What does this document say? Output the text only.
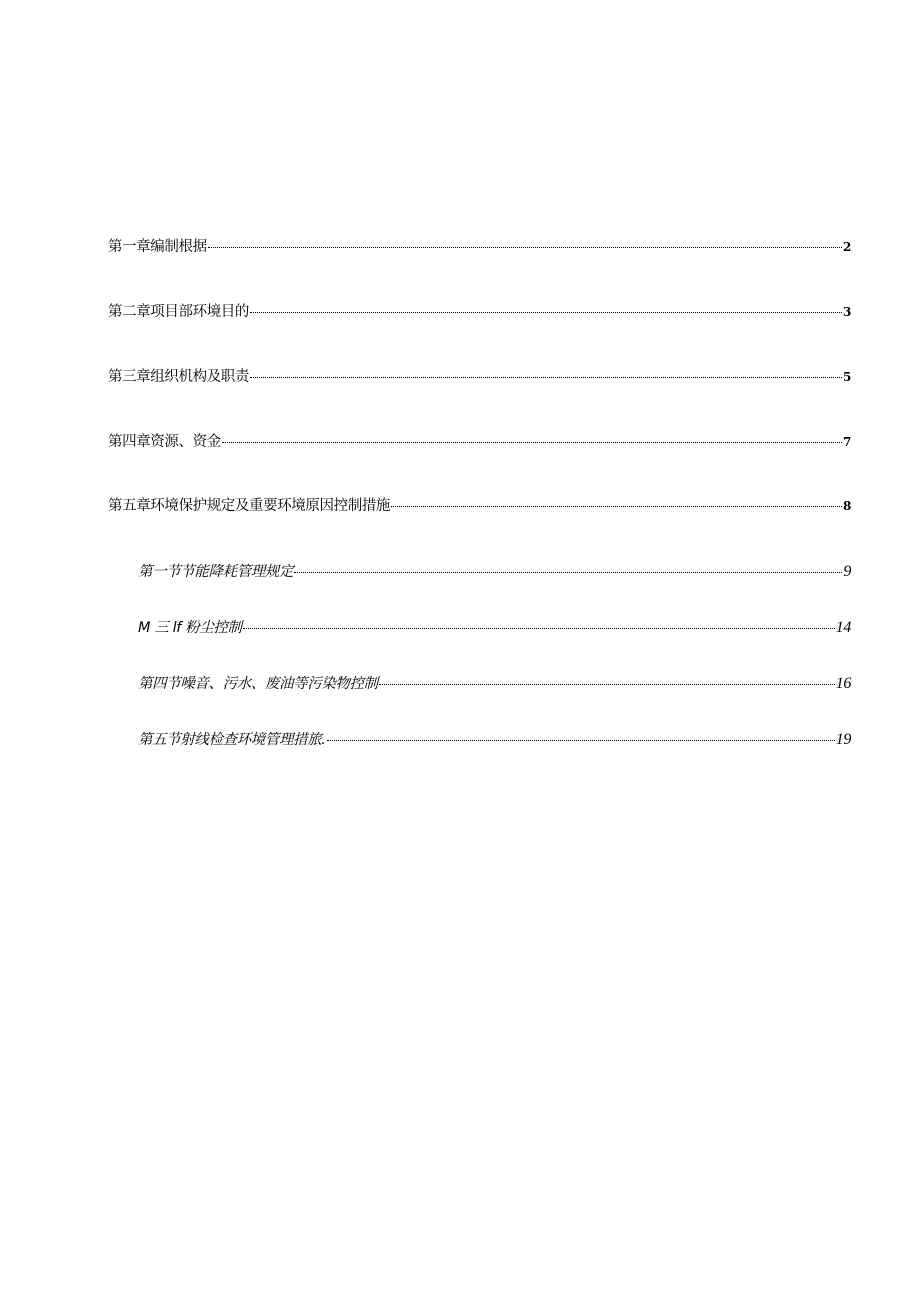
第一章编制根据	2
第二章项目部环境目的	3
第三章组织机构及职责	5
第四章资源、资金	7
第五章环境保护规定及重要环境原因控制措施	8
第一节节能降耗管理规定	9
M 三 lf 粉尘控制	14
第四节噪音、污水、废油等污染物控制	16
第五节射线检查环境管理措旅.	19
